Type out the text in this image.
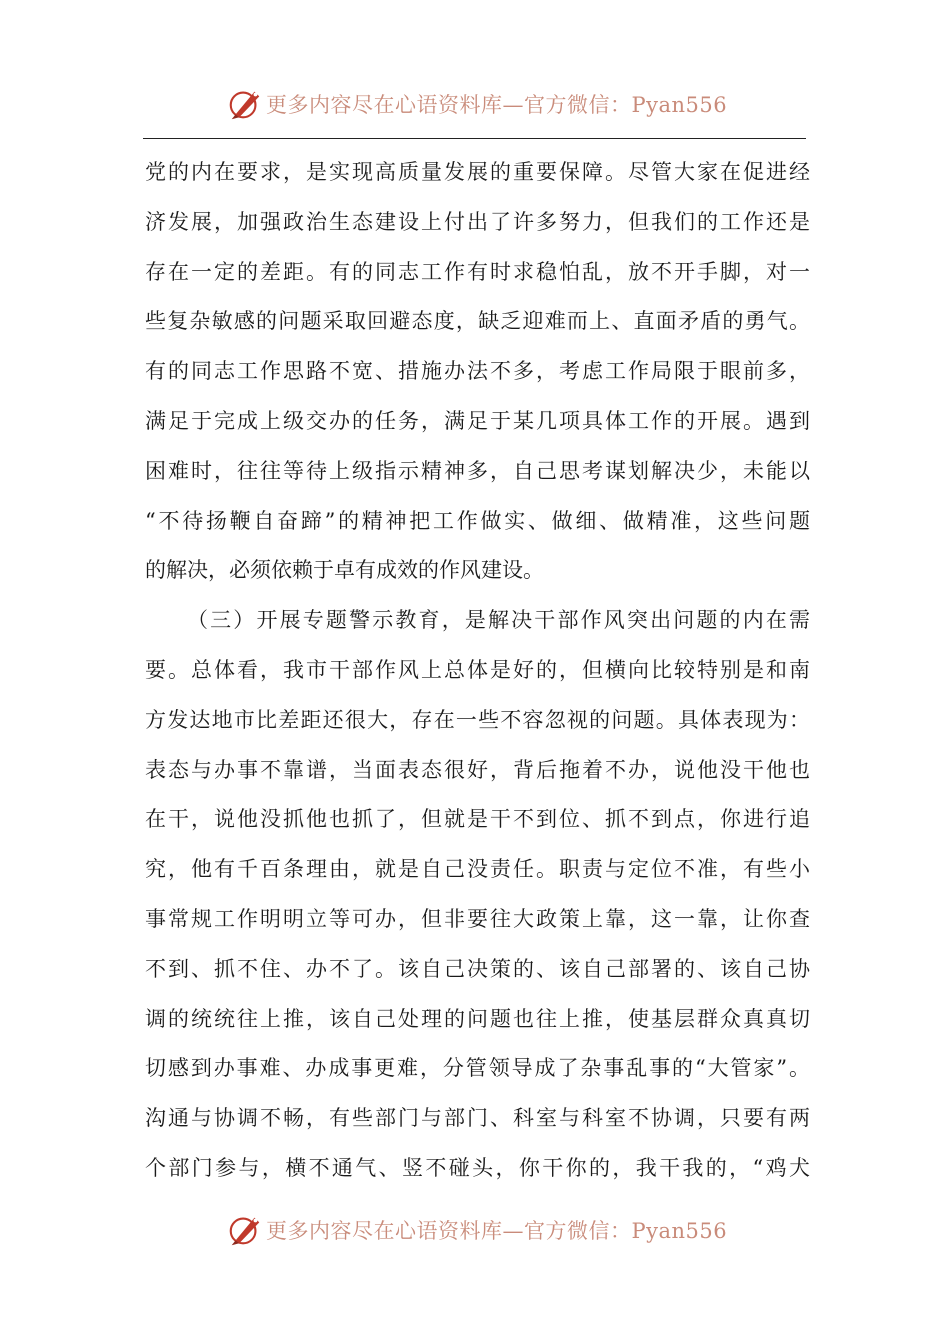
更多内容尽在心语资料库—官方微信：Pyan556
党的内在要求，是实现高质量发展的重要保障。尽管大家在促进经
济发展，加强政治生态建设上付出了许多努力，但我们的工作还是
存在一定的差距。有的同志工作有时求稳怕乱，放不开手脚，对一
些复杂敏感的问题采取回避态度，缺乏迎难而上、直面矛盾的勇气。
有的同志工作思路不宽、措施办法不多，考虑工作局限于眼前多，
满足于完成上级交办的任务，满足于某几项具体工作的开展。遇到
困难时，往往等待上级指示精神多，自己思考谋划解决少，未能以
“不待扬鞭自奋蹄”的精神把工作做实、做细、做精准，这些问题
的解决，必须依赖于卓有成效的作风建设。
（三）开展专题警示教育，是解决干部作风突出问题的内在需
要。总体看，我市干部作风上总体是好的，但横向比较特别是和南
方发达地市比差距还很大，存在一些不容忽视的问题。具体表现为：
表态与办事不靠谱，当面表态很好，背后拖着不办，说他没干他也
在干，说他没抓他也抓了，但就是干不到位、抓不到点，你进行追
究，他有千百条理由，就是自己没责任。职责与定位不准，有些小
事常规工作明明立等可办，但非要往大政策上靠，这一靠，让你查
不到、抓不住、办不了。该自己决策的、该自己部署的、该自己协
调的统统往上推，该自己处理的问题也往上推，使基层群众真真切
切感到办事难、办成事更难，分管领导成了杂事乱事的“大管家”。
沟通与协调不畅，有些部门与部门、科室与科室不协调，只要有两
个部门参与，横不通气、竖不碰头，你干你的，我干我的，“鸡犬
更多内容尽在心语资料库—官方微信：Pyan556
